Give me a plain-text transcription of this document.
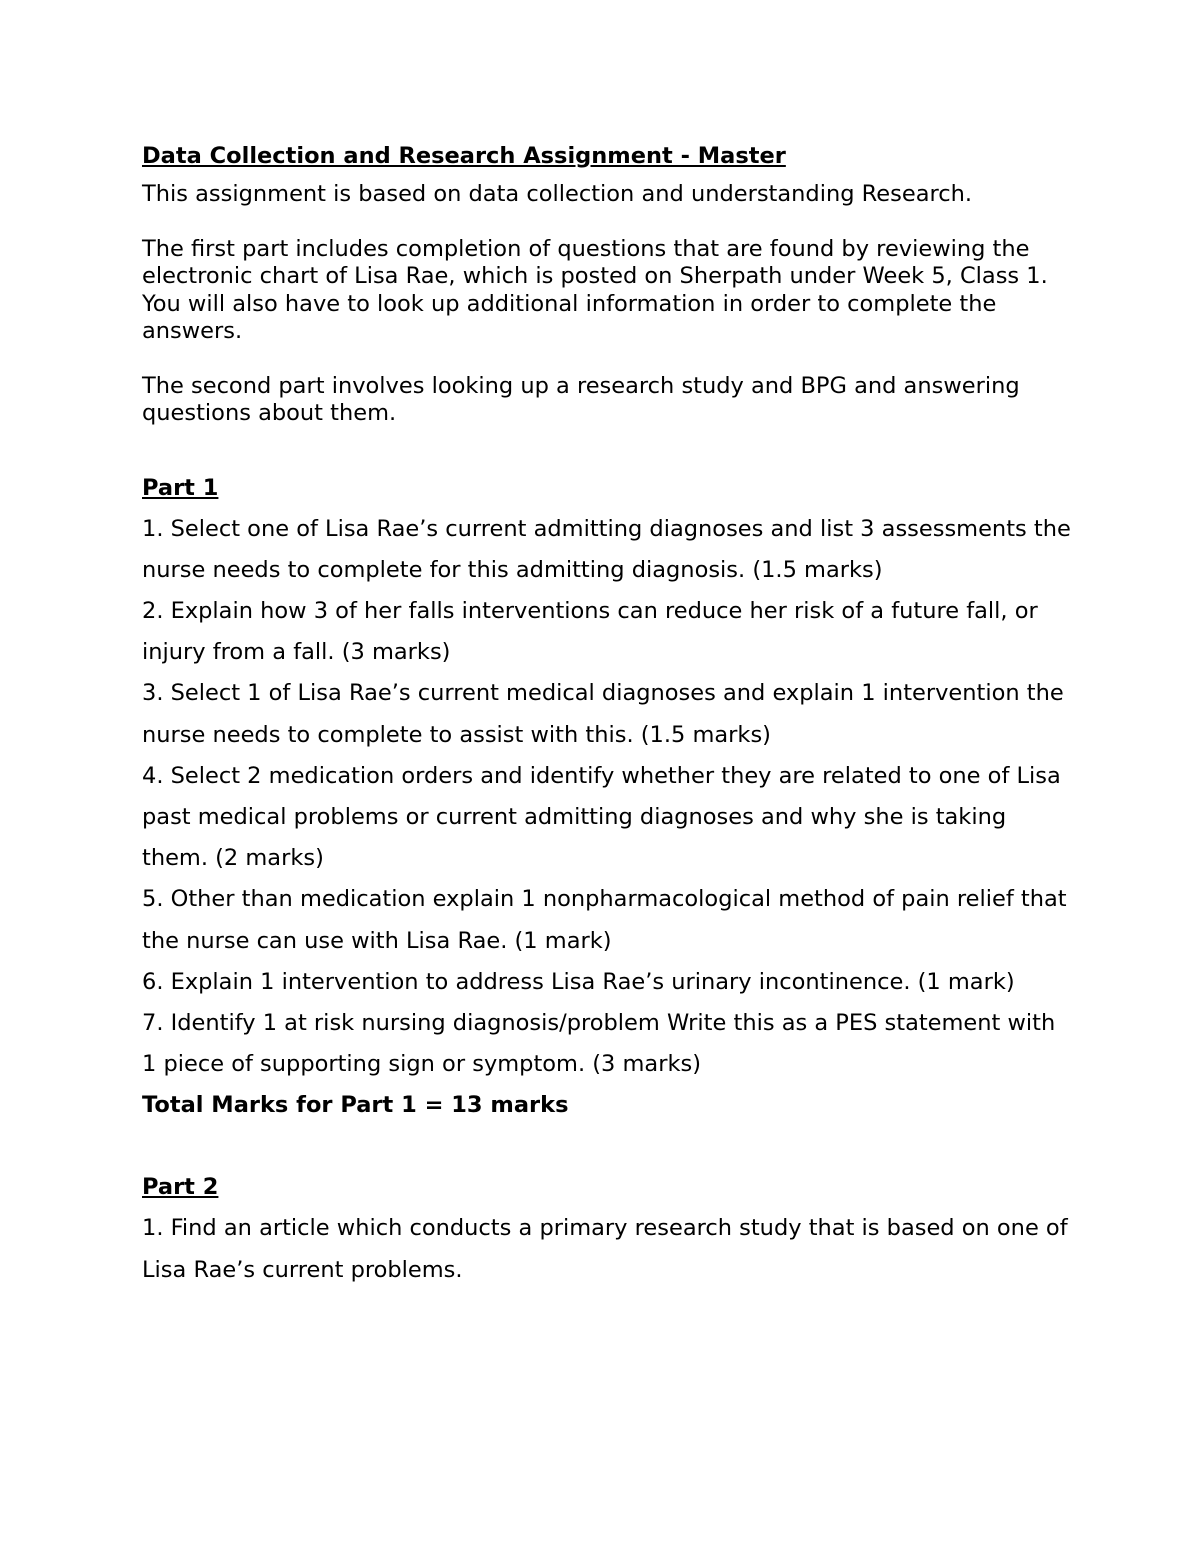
Data Collection and Research Assignment - Master

This assignment is based on data collection and understanding Research.

The first part includes completion of questions that are found by reviewing the electronic chart of Lisa Rae, which is posted on Sherpath under Week 5, Class 1.

You will also have to look up additional information in order to complete the answers.

The second part involves looking up a research study and BPG and answering questions about them.

Part 1

1. Select one of Lisa Rae’s current admitting diagnoses and list 3 assessments the nurse needs to complete for this admitting diagnosis. (1.5 marks)
2. Explain how 3 of her falls interventions can reduce her risk of a future fall, or injury from a fall. (3 marks)
3. Select 1 of Lisa Rae’s current medical diagnoses and explain 1 intervention the nurse needs to complete to assist with this. (1.5 marks)
4. Select 2 medication orders and identify whether they are related to one of Lisa past medical problems or current admitting diagnoses and why she is taking them. (2 marks)
5. Other than medication explain 1 nonpharmacological method of pain relief that the nurse can use with Lisa Rae. (1 mark)
6. Explain 1 intervention to address Lisa Rae’s urinary incontinence. (1 mark)
7. Identify 1 at risk nursing diagnosis/problem Write this as a PES statement with 1 piece of supporting sign or symptom. (3 marks)

Total Marks for Part 1 = 13 marks

Part 2

1. Find an article which conducts a primary research study that is based on one of Lisa Rae’s current problems.
